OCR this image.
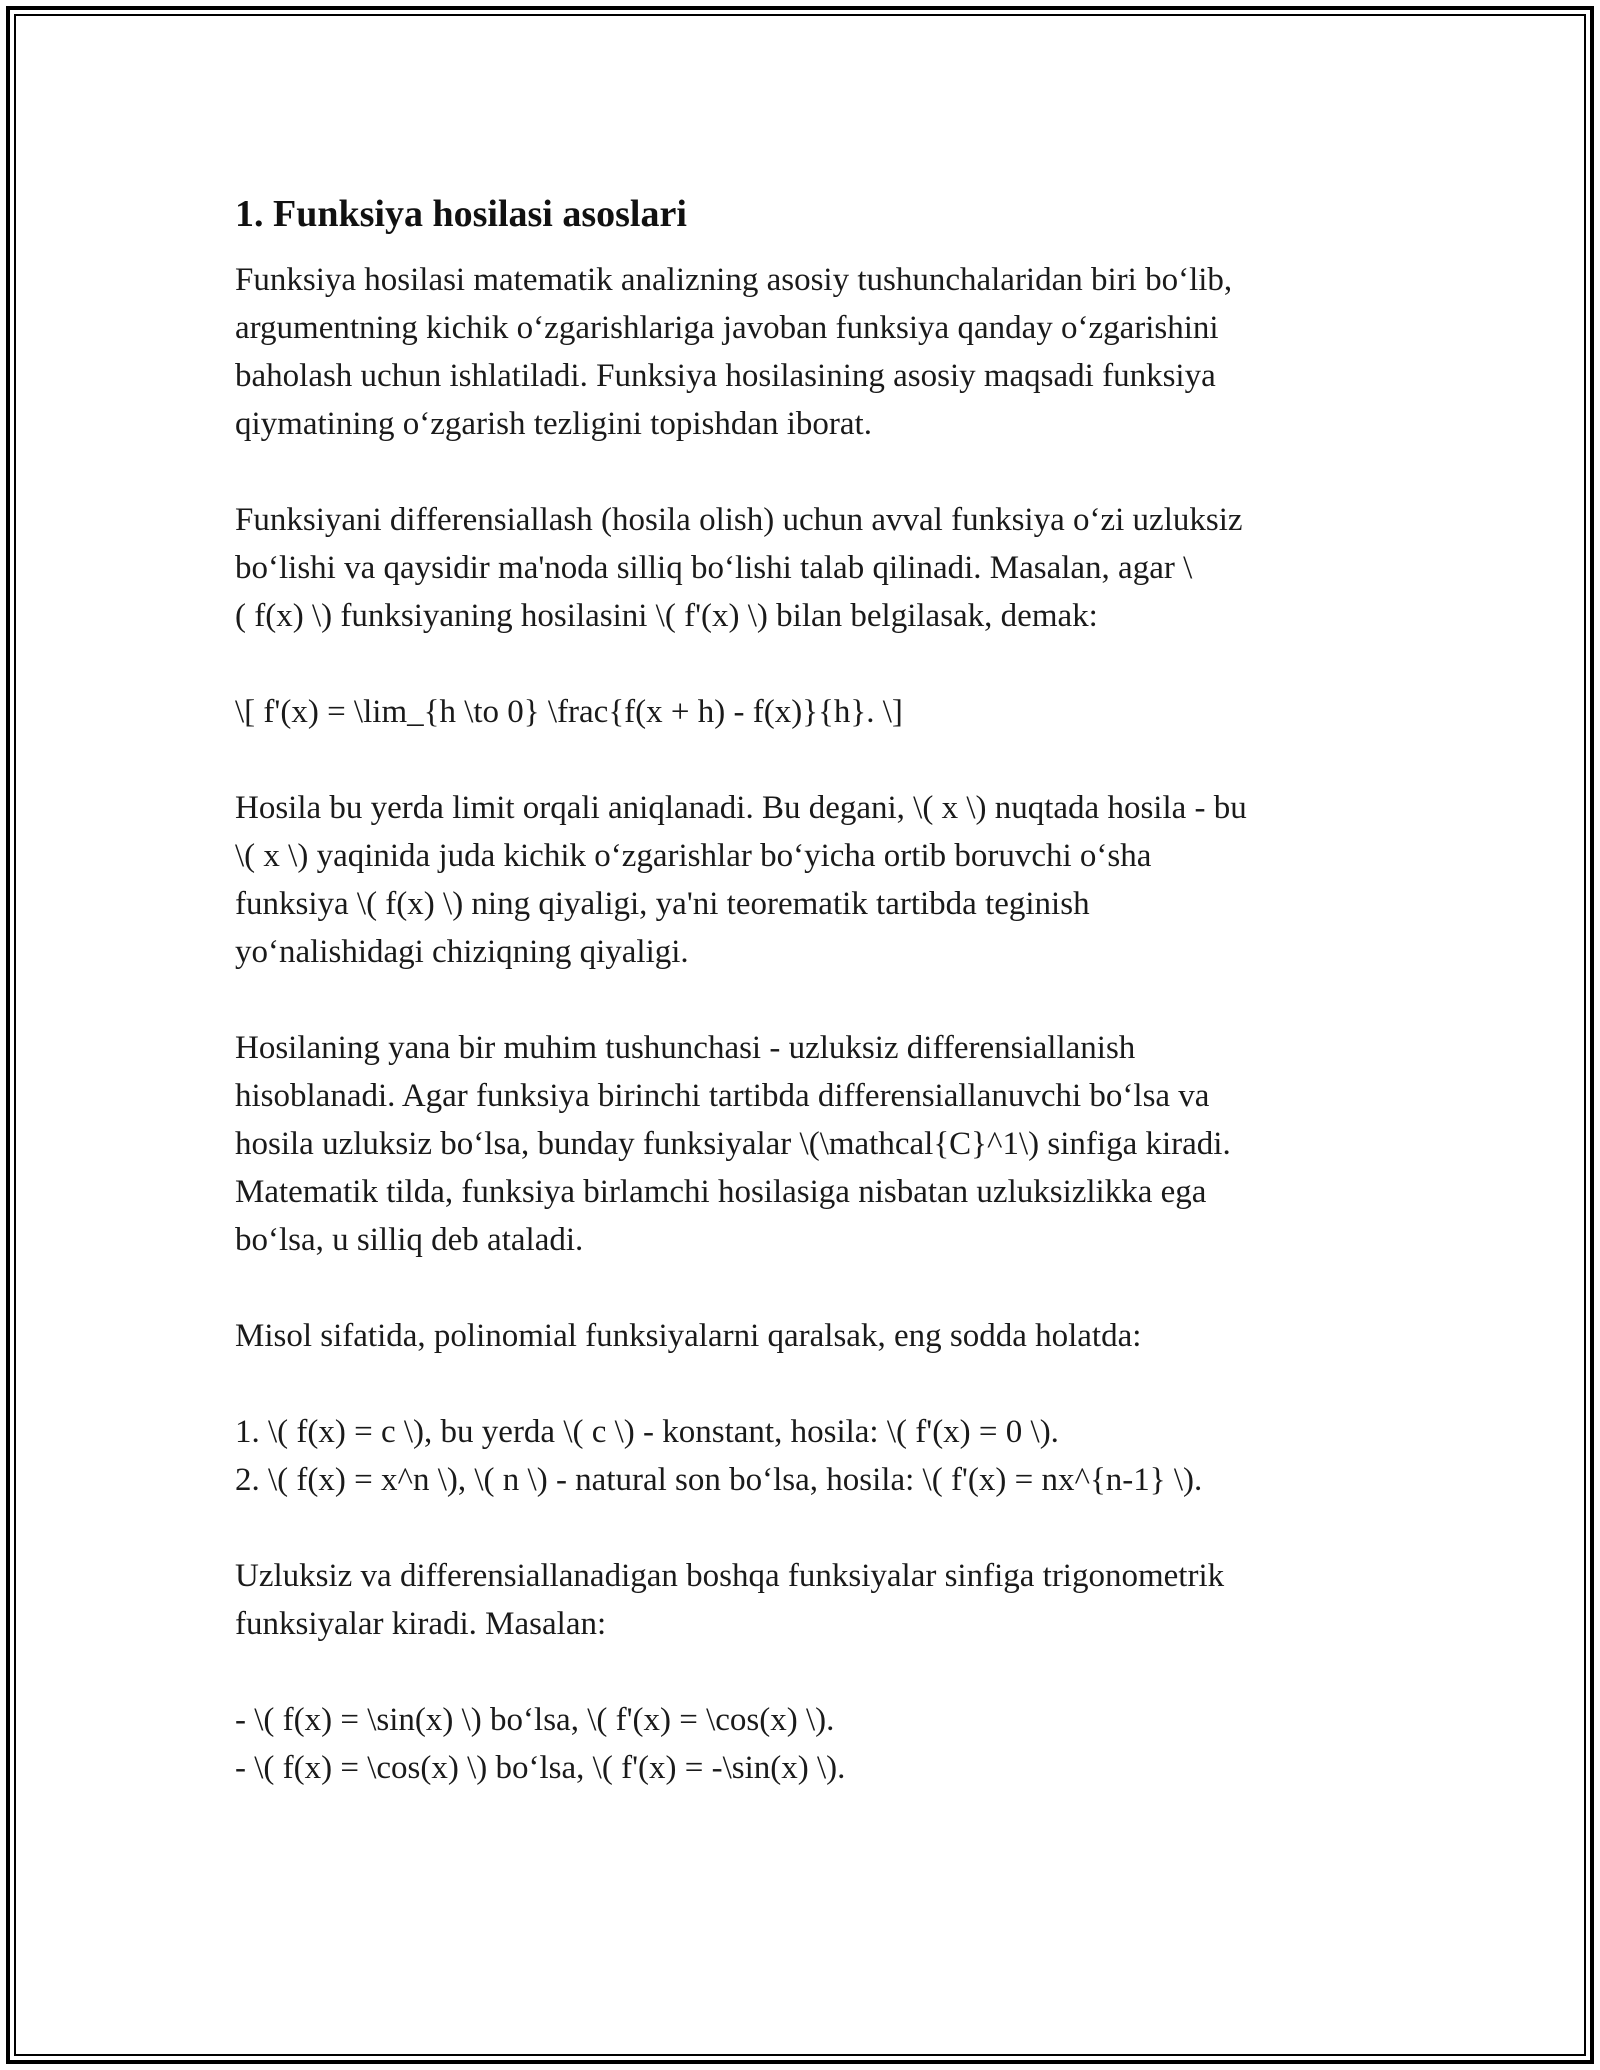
1. Funksiya hosilasi asoslari

Funksiya hosilasi matematik analizning asosiy tushunchalaridan biri bo‘lib,
argumentning kichik o‘zgarishlariga javoban funksiya qanday o‘zgarishini
baholash uchun ishlatiladi. Funksiya hosilasining asosiy maqsadi funksiya
qiymatining o‘zgarish tezligini topishdan iborat.

Funksiyani differensiallash (hosila olish) uchun avval funksiya o‘zi uzluksiz
bo‘lishi va qaysidir ma'noda silliq bo‘lishi talab qilinadi. Masalan, agar \
( f(x) \) funksiyaning hosilasini \( f'(x) \) bilan belgilasak, demak:

\[ f'(x) = \lim_{h \to 0} \frac{f(x + h) - f(x)}{h}. \]

Hosila bu yerda limit orqali aniqlanadi. Bu degani, \( x \) nuqtada hosila - bu
\( x \) yaqinida juda kichik o‘zgarishlar bo‘yicha ortib boruvchi o‘sha
funksiya \( f(x) \) ning qiyaligi, ya'ni teorematik tartibda teginish
yo‘nalishidagi chiziqning qiyaligi.

Hosilaning yana bir muhim tushunchasi - uzluksiz differensiallanish
hisoblanadi. Agar funksiya birinchi tartibda differensiallanuvchi bo‘lsa va
hosila uzluksiz bo‘lsa, bunday funksiyalar \(\mathcal{C}^1\) sinfiga kiradi.
Matematik tilda, funksiya birlamchi hosilasiga nisbatan uzluksizlikka ega
bo‘lsa, u silliq deb ataladi.

Misol sifatida, polinomial funksiyalarni qaralsak, eng sodda holatda:

1. \( f(x) = c \), bu yerda \( c \) - konstant, hosila: \( f'(x) = 0 \).
2. \( f(x) = x^n \), \( n \) - natural son bo‘lsa, hosila: \( f'(x) = nx^{n-1} \).

Uzluksiz va differensiallanadigan boshqa funksiyalar sinfiga trigonometrik
funksiyalar kiradi. Masalan:

- \( f(x) = \sin(x) \) bo‘lsa, \( f'(x) = \cos(x) \).
- \( f(x) = \cos(x) \) bo‘lsa, \( f'(x) = -\sin(x) \).
